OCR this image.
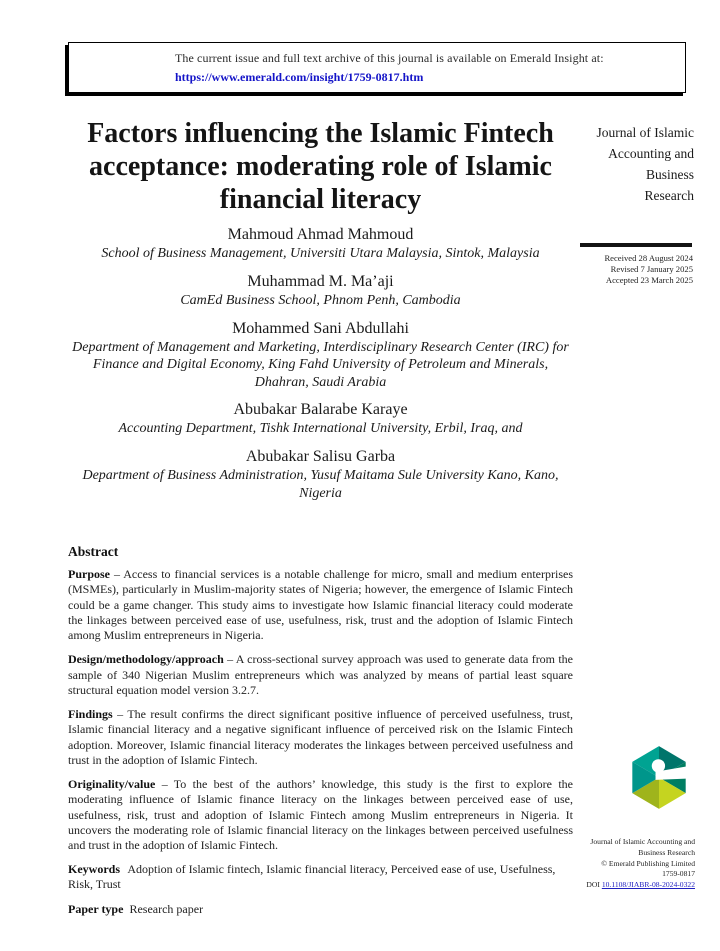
The current issue and full text archive of this journal is available on Emerald Insight at:
https://www.emerald.com/insight/1759-0817.htm
Factors influencing the Islamic Fintech acceptance: moderating role of Islamic financial literacy
Mahmoud Ahmad Mahmoud
School of Business Management, Universiti Utara Malaysia, Sintok, Malaysia
Muhammad M. Ma’aji
CamEd Business School, Phnom Penh, Cambodia
Mohammed Sani Abdullahi
Department of Management and Marketing, Interdisciplinary Research Center (IRC) for Finance and Digital Economy, King Fahd University of Petroleum and Minerals, Dhahran, Saudi Arabia
Abubakar Balarabe Karaye
Accounting Department, Tishk International University, Erbil, Iraq, and
Abubakar Salisu Garba
Department of Business Administration, Yusuf Maitama Sule University Kano, Kano, Nigeria
Abstract

Purpose – Access to financial services is a notable challenge for micro, small and medium enterprises (MSMEs), particularly in Muslim-majority states of Nigeria; however, the emergence of Islamic Fintech could be a game changer. This study aims to investigate how Islamic financial literacy could moderate the linkages between perceived ease of use, usefulness, risk, trust and the adoption of Islamic Fintech among Muslim entrepreneurs in Nigeria.

Design/methodology/approach – A cross-sectional survey approach was used to generate data from the sample of 340 Nigerian Muslim entrepreneurs which was analyzed by means of partial least square structural equation model version 3.2.7.

Findings – The result confirms the direct significant positive influence of perceived usefulness, trust, Islamic financial literacy and a negative significant influence of perceived risk on the Islamic Fintech adoption. Moreover, Islamic financial literacy moderates the linkages between perceived usefulness and trust in the adoption of Islamic Fintech.

Originality/value – To the best of the authors’ knowledge, this study is the first to explore the moderating influence of Islamic finance literacy on the linkages between perceived ease of use, usefulness, risk, trust and adoption of Islamic Fintech among Muslim entrepreneurs in Nigeria. It uncovers the moderating role of Islamic financial literacy on the linkages between perceived usefulness and trust in the adoption of Islamic Fintech.

Keywords Adoption of Islamic fintech, Islamic financial literacy, Perceived ease of use, Usefulness, Risk, Trust

Paper type Research paper

Journal of Islamic
Accounting and
Business
Research
Received 28 August 2024
Revised 7 January 2025
Accepted 23 March 2025
Journal of Islamic Accounting and
Business Research
© Emerald Publishing Limited
1759-0817
DOI 10.1108/JIABR-08-2024-0322
